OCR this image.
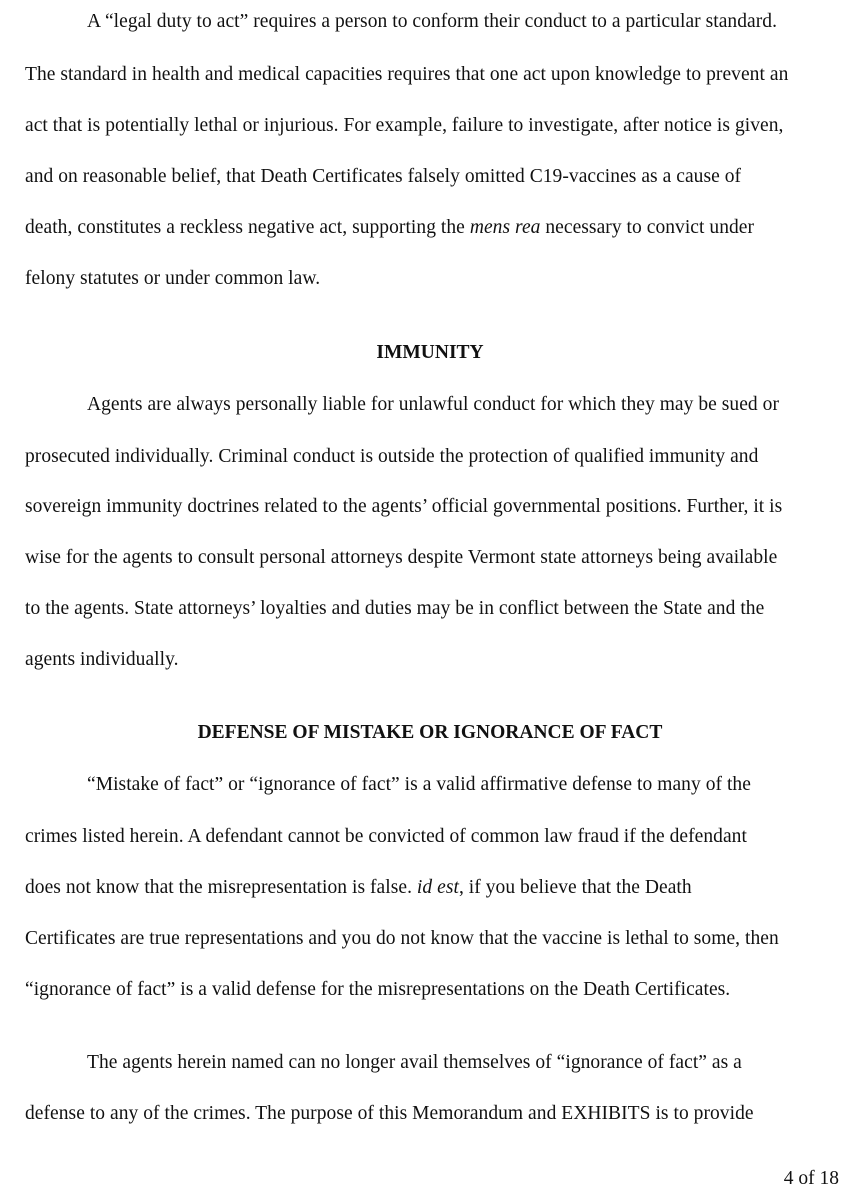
A “legal duty to act” requires a person to conform their conduct to a particular standard.
The standard in health and medical capacities requires that one act upon knowledge to prevent an
act that is potentially lethal or injurious. For example, failure to investigate, after notice is given,
and on reasonable belief, that Death Certificates falsely omitted C19-vaccines as a cause of
death, constitutes a reckless negative act, supporting the mens rea necessary to convict under
felony statutes or under common law.
IMMUNITY
Agents are always personally liable for unlawful conduct for which they may be sued or
prosecuted individually. Criminal conduct is outside the protection of qualified immunity and
sovereign immunity doctrines related to the agents’ official governmental positions. Further, it is
wise for the agents to consult personal attorneys despite Vermont state attorneys being available
to the agents. State attorneys’ loyalties and duties may be in conflict between the State and the
agents individually.
DEFENSE OF MISTAKE OR IGNORANCE OF FACT
“Mistake of fact” or “ignorance of fact” is a valid affirmative defense to many of the
crimes listed herein. A defendant cannot be convicted of common law fraud if the defendant
does not know that the misrepresentation is false. id est, if you believe that the Death
Certificates are true representations and you do not know that the vaccine is lethal to some, then
“ignorance of fact” is a valid defense for the misrepresentations on the Death Certificates.
The agents herein named can no longer avail themselves of “ignorance of fact” as a
defense to any of the crimes. The purpose of this Memorandum and EXHIBITS is to provide
4 of 18
